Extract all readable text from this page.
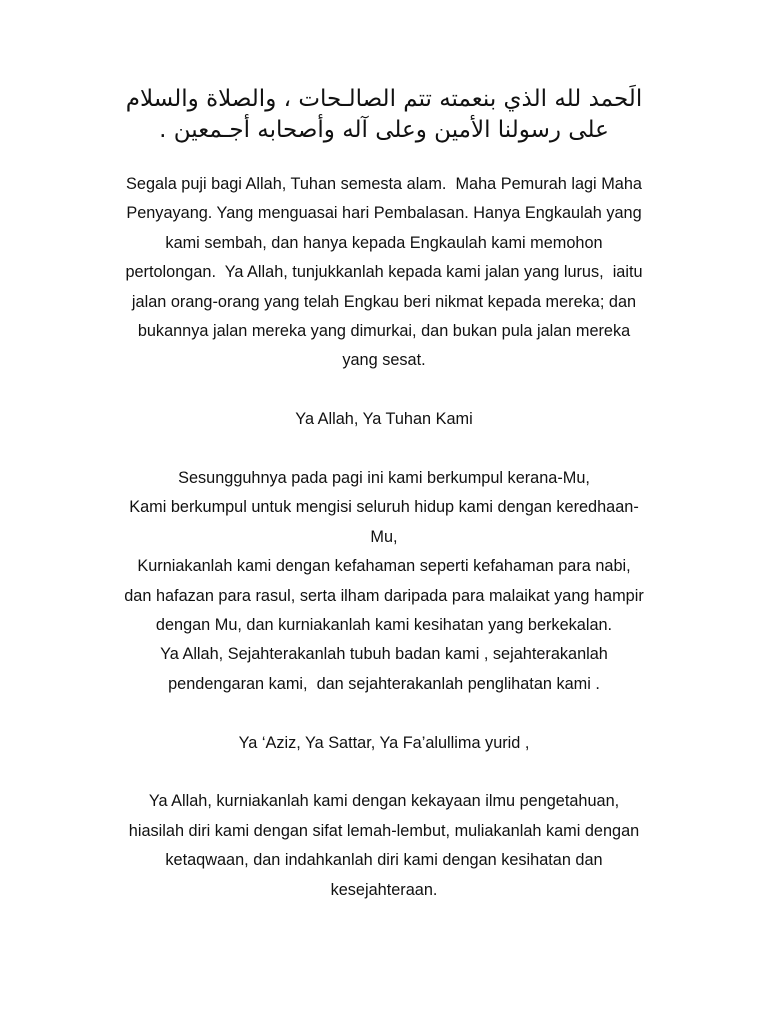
الَحمد لله الذي بنعمته تتم الصالـحات ، والصلاة والسلام
على رسولنا الأمين وعلى آله وأصحابه أجـمعين .

Segala puji bagi Allah, Tuhan semesta alam.  Maha Pemurah lagi Maha

Penyayang. Yang menguasai hari Pembalasan. Hanya Engkaulah yang

kami sembah, dan hanya kepada Engkaulah kami memohon

pertolongan.  Ya Allah, tunjukkanlah kepada kami jalan yang lurus,  iaitu

jalan orang-orang yang telah Engkau beri nikmat kepada mereka; dan

bukannya jalan mereka yang dimurkai, dan bukan pula jalan mereka

yang sesat.

Ya Allah, Ya Tuhan Kami

Sesungguhnya pada pagi ini kami berkumpul kerana-Mu,

Kami berkumpul untuk mengisi seluruh hidup kami dengan keredhaan-

Mu,

Kurniakanlah kami dengan kefahaman seperti kefahaman para nabi,

dan hafazan para rasul, serta ilham daripada para malaikat yang hampir

dengan Mu, dan kurniakanlah kami kesihatan yang berkekalan.

Ya Allah, Sejahterakanlah tubuh badan kami , sejahterakanlah

pendengaran kami,  dan sejahterakanlah penglihatan kami .

Ya ‘Aziz, Ya Sattar, Ya Fa’alullima yurid ,

Ya Allah, kurniakanlah kami dengan kekayaan ilmu pengetahuan,

hiasilah diri kami dengan sifat lemah-lembut, muliakanlah kami dengan

ketaqwaan, dan indahkanlah diri kami dengan kesihatan dan

kesejahteraan.
